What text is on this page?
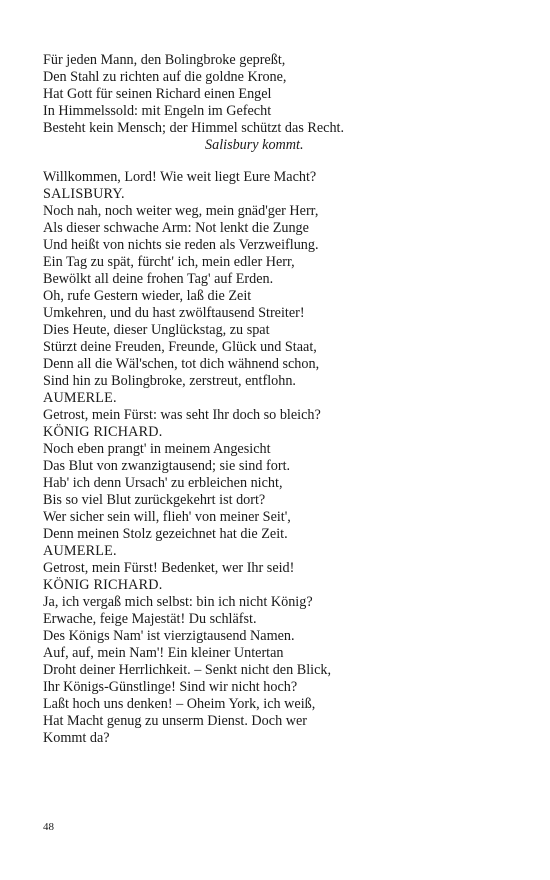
Für jeden Mann, den Bolingbroke gepreßt,
Den Stahl zu richten auf die goldne Krone,
Hat Gott für seinen Richard einen Engel
In Himmelssold: mit Engeln im Gefecht
Besteht kein Mensch; der Himmel schützt das Recht.
Salisbury kommt.
Willkommen, Lord! Wie weit liegt Eure Macht?
SALISBURY.
Noch nah, noch weiter weg, mein gnäd'ger Herr,
Als dieser schwache Arm: Not lenkt die Zunge
Und heißt von nichts sie reden als Verzweiflung.
Ein Tag zu spät, fürcht' ich, mein edler Herr,
Bewölkt all deine frohen Tag' auf Erden.
Oh, rufe Gestern wieder, laß die Zeit
Umkehren, und du hast zwölftausend Streiter!
Dies Heute, dieser Unglückstag, zu spat
Stürzt deine Freuden, Freunde, Glück und Staat,
Denn all die Wäl'schen, tot dich wähnend schon,
Sind hin zu Bolingbroke, zerstreut, entflohn.
AUMERLE.
Getrost, mein Fürst: was seht Ihr doch so bleich?
KÖNIG RICHARD.
Noch eben prangt' in meinem Angesicht
Das Blut von zwanzigtausend; sie sind fort.
Hab' ich denn Ursach' zu erbleichen nicht,
Bis so viel Blut zurückgekehrt ist dort?
Wer sicher sein will, flieh' von meiner Seit',
Denn meinen Stolz gezeichnet hat die Zeit.
AUMERLE.
Getrost, mein Fürst! Bedenket, wer Ihr seid!
KÖNIG RICHARD.
Ja, ich vergaß mich selbst: bin ich nicht König?
Erwache, feige Majestät! Du schläfst.
Des Königs Nam' ist vierzigtausend Namen.
Auf, auf, mein Nam'! Ein kleiner Untertan
Droht deiner Herrlichkeit. – Senkt nicht den Blick,
Ihr Königs-Günstlinge! Sind wir nicht hoch?
Laßt hoch uns denken! – Oheim York, ich weiß,
Hat Macht genug zu unserm Dienst. Doch wer
Kommt da?
48
